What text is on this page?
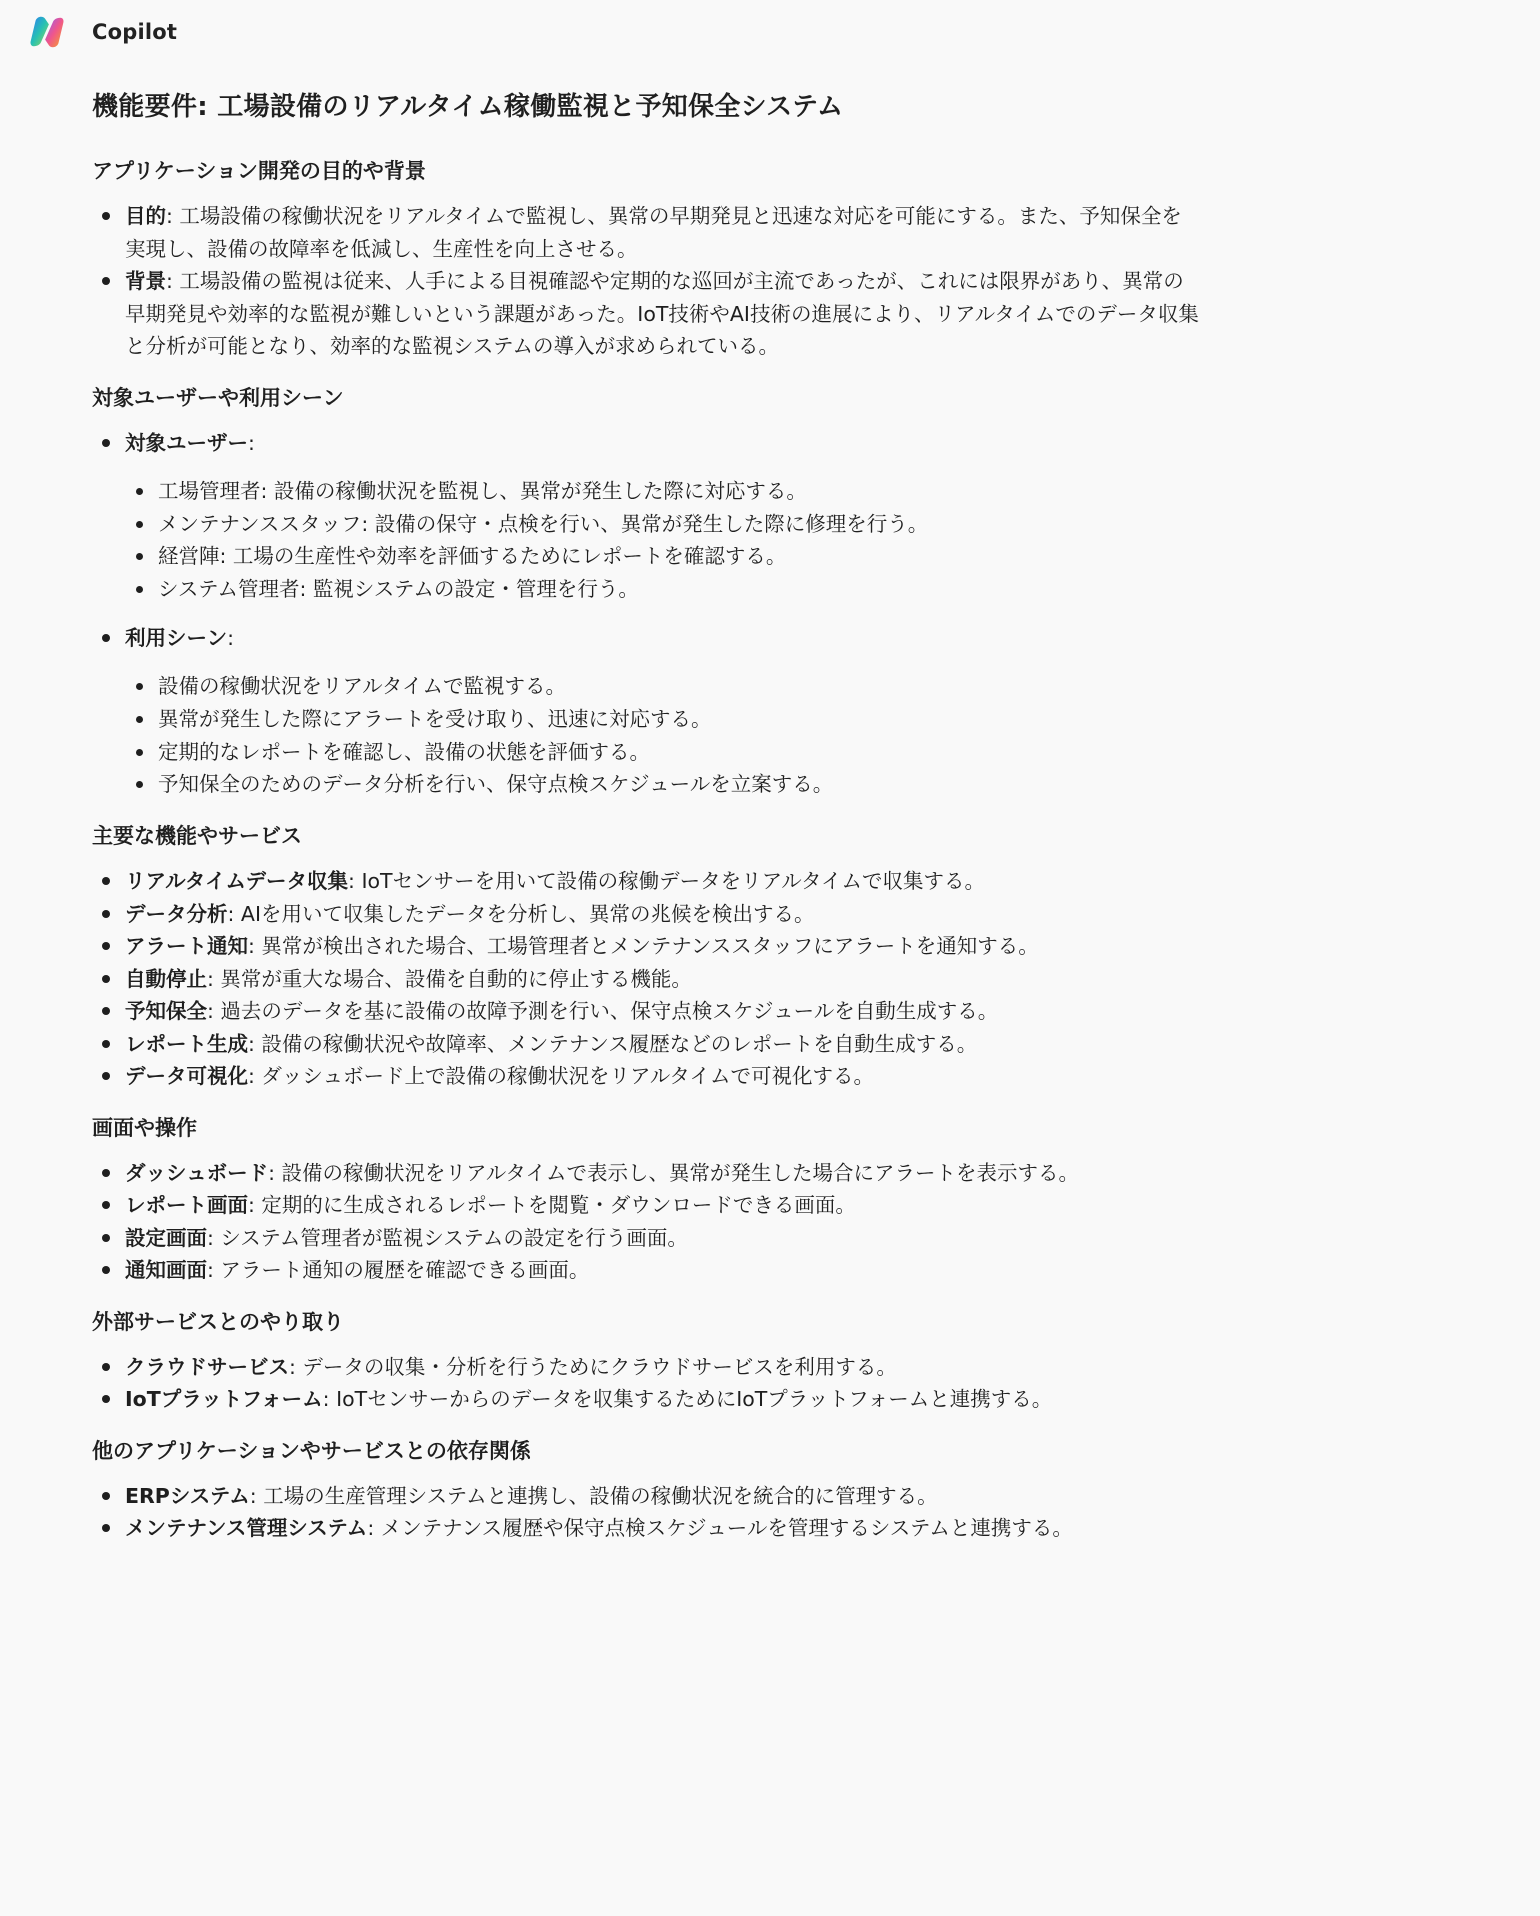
Copilot
機能要件: 工場設備のリアルタイム稼働監視と予知保全システム
アプリケーション開発の目的や背景
目的: 工場設備の稼働状況をリアルタイムで監視し、異常の早期発見と迅速な対応を可能にする。また、予知保全を実現し、設備の故障率を低減し、生産性を向上させる。
背景: 工場設備の監視は従来、人手による目視確認や定期的な巡回が主流であったが、これには限界があり、異常の早期発見や効率的な監視が難しいという課題があった。IoT技術やAI技術の進展により、リアルタイムでのデータ収集と分析が可能となり、効率的な監視システムの導入が求められている。
対象ユーザーや利用シーン
対象ユーザー:
工場管理者: 設備の稼働状況を監視し、異常が発生した際に対応する。
メンテナンススタッフ: 設備の保守・点検を行い、異常が発生した際に修理を行う。
経営陣: 工場の生産性や効率を評価するためにレポートを確認する。
システム管理者: 監視システムの設定・管理を行う。
利用シーン:
設備の稼働状況をリアルタイムで監視する。
異常が発生した際にアラートを受け取り、迅速に対応する。
定期的なレポートを確認し、設備の状態を評価する。
予知保全のためのデータ分析を行い、保守点検スケジュールを立案する。
主要な機能やサービス
リアルタイムデータ収集: IoTセンサーを用いて設備の稼働データをリアルタイムで収集する。
データ分析: AIを用いて収集したデータを分析し、異常の兆候を検出する。
アラート通知: 異常が検出された場合、工場管理者とメンテナンススタッフにアラートを通知する。
自動停止: 異常が重大な場合、設備を自動的に停止する機能。
予知保全: 過去のデータを基に設備の故障予測を行い、保守点検スケジュールを自動生成する。
レポート生成: 設備の稼働状況や故障率、メンテナンス履歴などのレポートを自動生成する。
データ可視化: ダッシュボード上で設備の稼働状況をリアルタイムで可視化する。
画面や操作
ダッシュボード: 設備の稼働状況をリアルタイムで表示し、異常が発生した場合にアラートを表示する。
レポート画面: 定期的に生成されるレポートを閲覧・ダウンロードできる画面。
設定画面: システム管理者が監視システムの設定を行う画面。
通知画面: アラート通知の履歴を確認できる画面。
外部サービスとのやり取り
クラウドサービス: データの収集・分析を行うためにクラウドサービスを利用する。
IoTプラットフォーム: IoTセンサーからのデータを収集するためにIoTプラットフォームと連携する。
他のアプリケーションやサービスとの依存関係
ERPシステム: 工場の生産管理システムと連携し、設備の稼働状況を統合的に管理する。
メンテナンス管理システム: メンテナンス履歴や保守点検スケジュールを管理するシステムと連携する。
